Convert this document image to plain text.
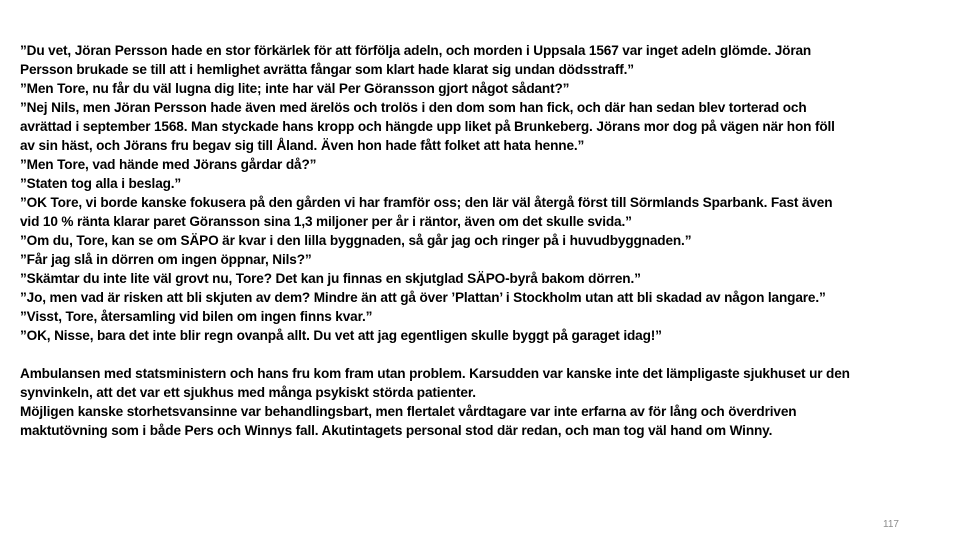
”Du vet, Jöran Persson hade en stor förkärlek för att förfölja adeln, och morden i Uppsala 1567 var inget adeln glömde. Jöran
Persson brukade se till att i hemlighet avrätta fångar som klart hade klarat sig undan dödsstraff.”
”Men Tore, nu får du väl lugna dig lite; inte har väl Per Göransson gjort något sådant?”
”Nej Nils, men Jöran Persson hade även med ärelös och trolös i den dom som han fick, och där han sedan blev torterad och
avrättad i september 1568. Man styckade hans kropp och hängde upp liket på Brunkeberg. Jörans mor dog på vägen när hon föll
av sin häst, och Jörans fru begav sig till Åland. Även hon hade fått folket att hata henne.”
”Men Tore, vad hände med Jörans gårdar då?”
”Staten tog alla i beslag.”
”OK Tore, vi borde kanske fokusera på den gården vi har framför oss; den lär väl återgå först till Sörmlands Sparbank. Fast även
vid 10 % ränta klarar paret Göransson sina 1,3 miljoner per år i räntor, även om det skulle svida.”
”Om du, Tore, kan se om SÄPO är kvar i den lilla byggnaden, så går jag och ringer på i huvudbyggnaden.”
”Får jag slå in dörren om ingen öppnar, Nils?”
”Skämtar du inte lite väl grovt nu, Tore? Det kan ju finnas en skjutglad SÄPO-byrå bakom dörren.”
”Jo, men vad är risken att bli skjuten av dem? Mindre än att gå över ’Plattan’ i Stockholm utan att bli skadad av någon langare.”
”Visst, Tore, återsamling vid bilen om ingen finns kvar.”
”OK, Nisse, bara det inte blir regn ovanpå allt. Du vet att jag egentligen skulle byggt på garaget idag!”
Ambulansen med statsministern och hans fru kom fram utan problem. Karsudden var kanske inte det lämpligaste sjukhuset ur den
synvinkeln, att det var ett sjukhus med många psykiskt störda patienter.
Möjligen kanske storhetsvansinne var behandlingsbart, men flertalet vårdtagare var inte erfarna av för lång och överdriven
maktutövning som i både Pers och Winnys fall. Akutintagets personal stod där redan, och man tog väl hand om Winny.
117
